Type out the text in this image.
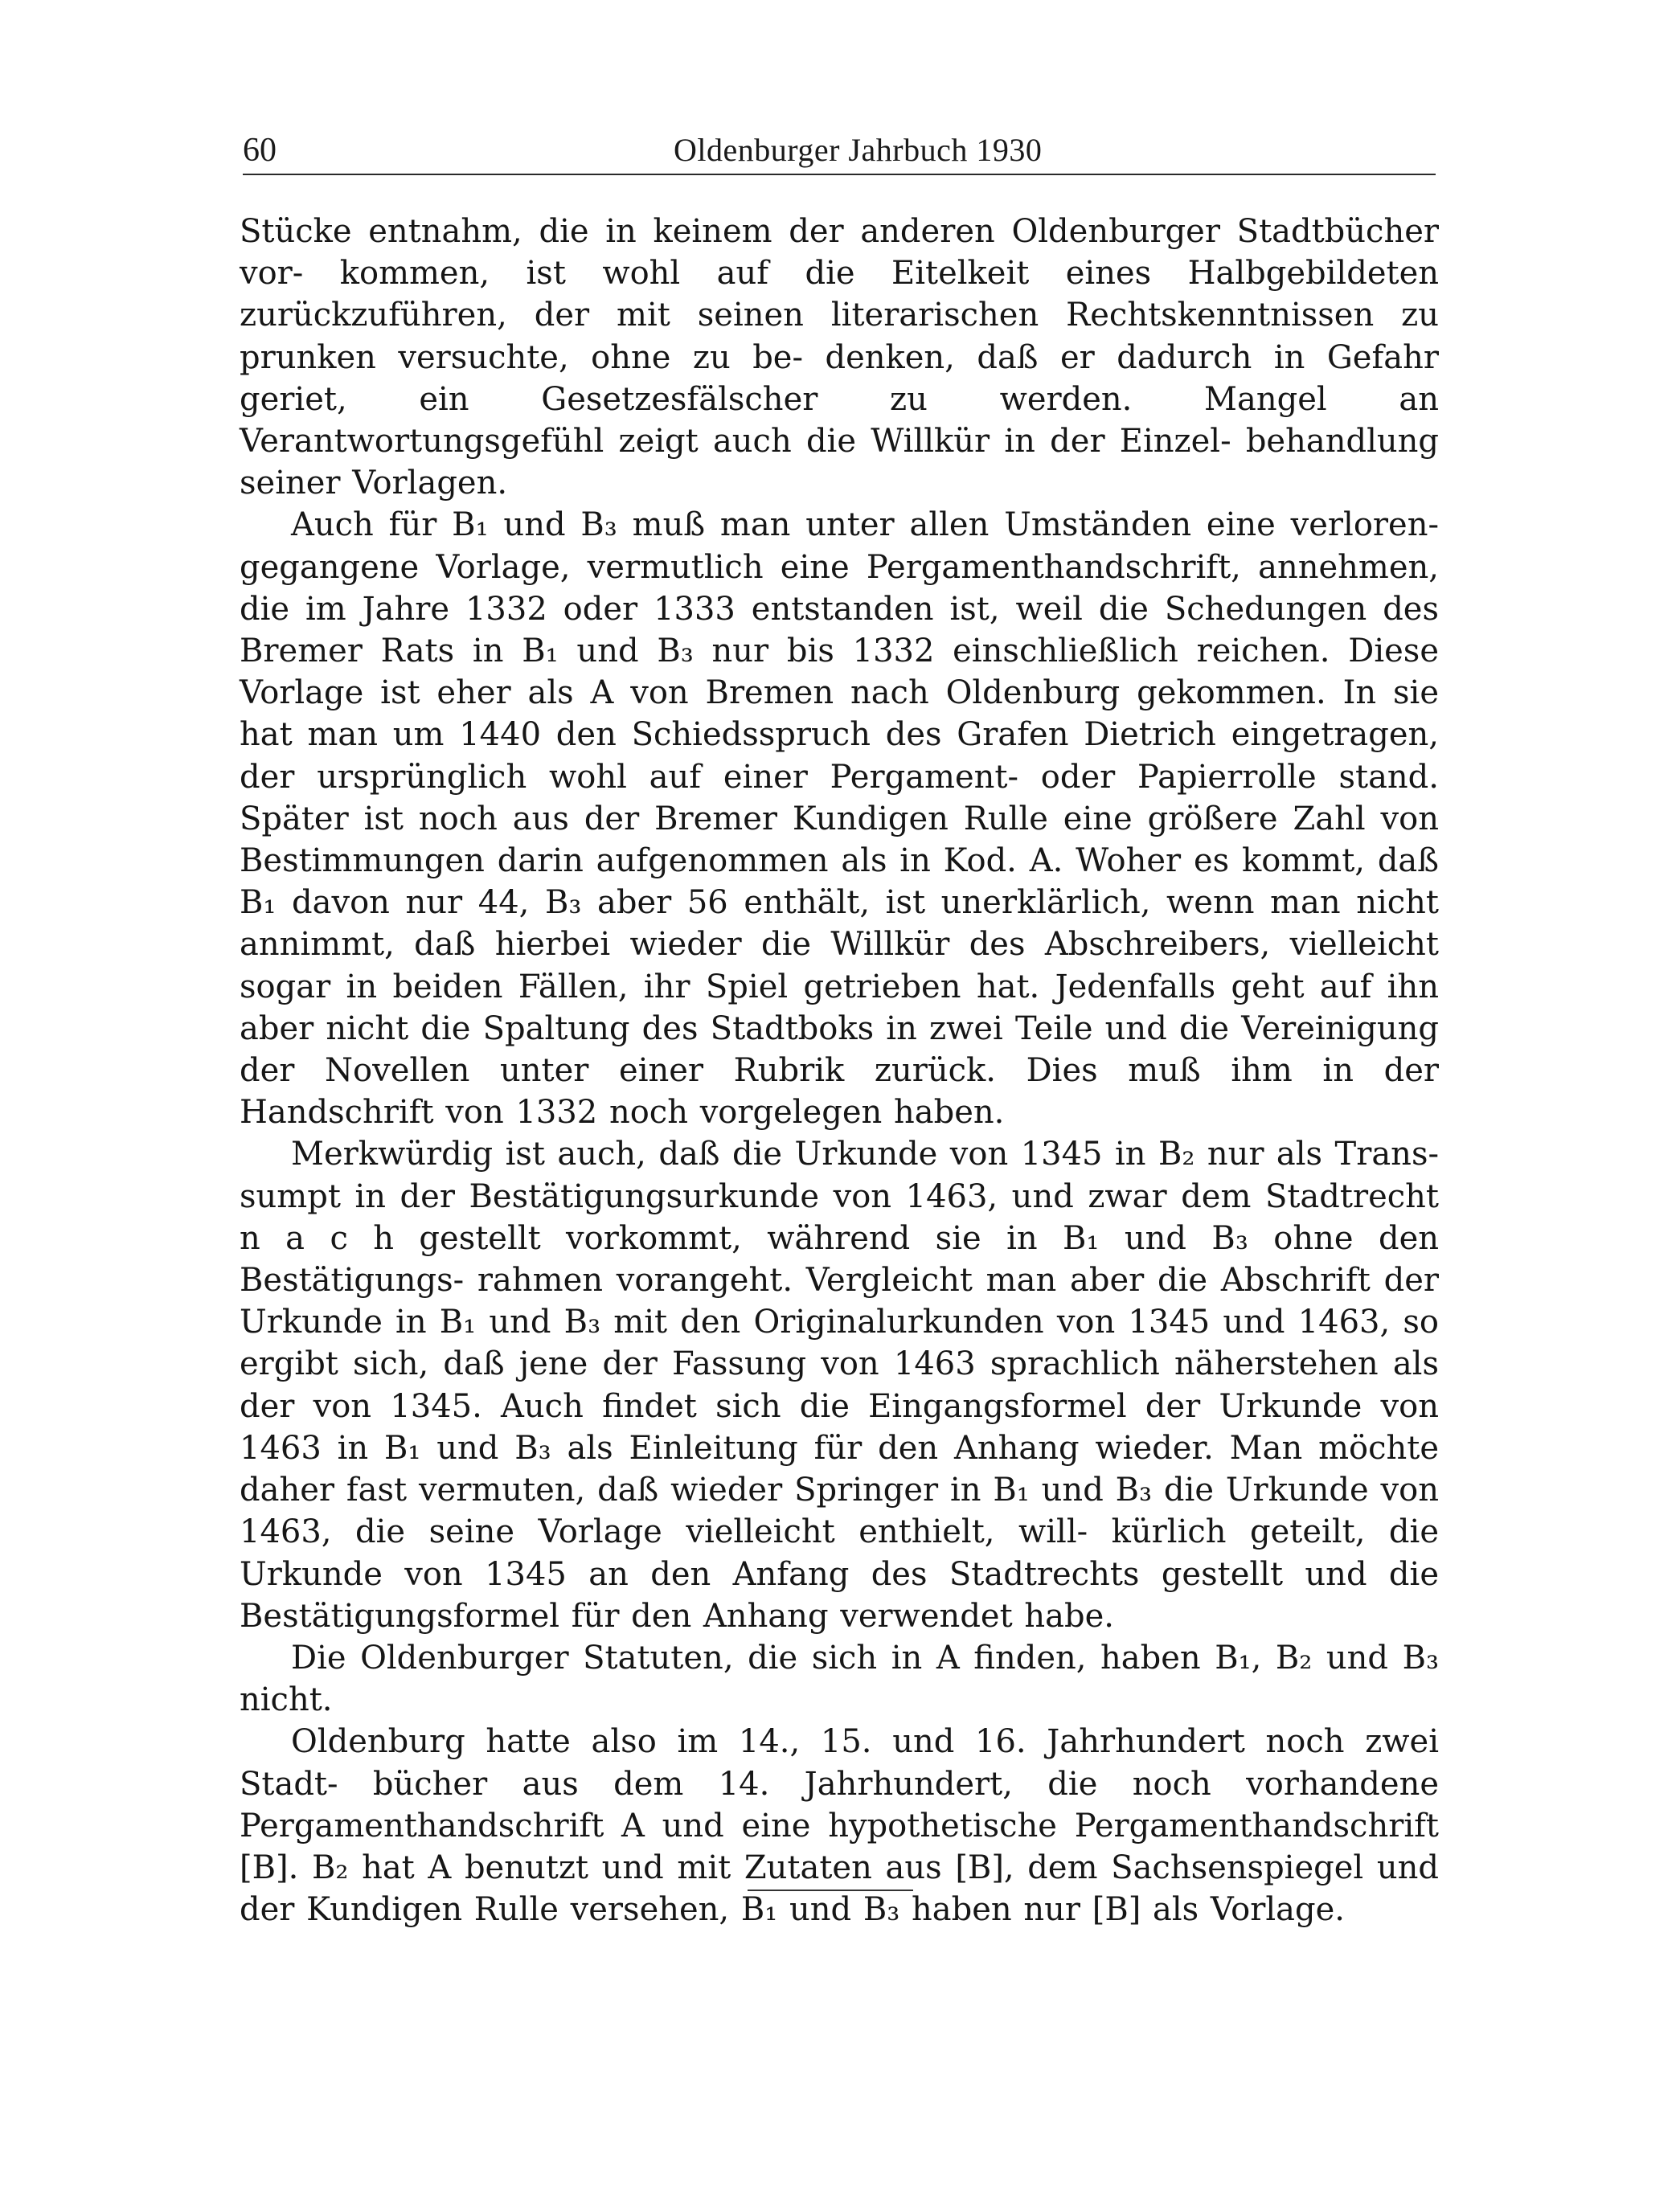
60	Oldenburger Jahrbuch 1930

Stücke entnahm, die in keinem der anderen Oldenburger Stadtbücher vor- kommen, ist wohl auf die Eitelkeit eines Halbgebildeten zurückzuführen, der mit seinen literarischen Rechtskenntnissen zu prunken versuchte, ohne zu be- denken, daß er dadurch in Gefahr geriet, ein Gesetzesfälscher zu werden. Mangel an Verantwortungsgefühl zeigt auch die Willkür in der Einzel- behandlung seiner Vorlagen.

Auch für B₁ und B₃ muß man unter allen Umständen eine verloren- gegangene Vorlage, vermutlich eine Pergamenthandschrift, annehmen, die im Jahre 1332 oder 1333 entstanden ist, weil die Schedungen des Bremer Rats in B₁ und B₃ nur bis 1332 einschließlich reichen. Diese Vorlage ist eher als A von Bremen nach Oldenburg gekommen. In sie hat man um 1440 den Schiedsspruch des Grafen Dietrich eingetragen, der ursprünglich wohl auf einer Pergament- oder Papierrolle stand. Später ist noch aus der Bremer Kundigen Rulle eine größere Zahl von Bestimmungen darin aufgenommen als in Kod. A. Woher es kommt, daß B₁ davon nur 44, B₃ aber 56 enthält, ist unerklärlich, wenn man nicht annimmt, daß hierbei wieder die Willkür des Abschreibers, vielleicht sogar in beiden Fällen, ihr Spiel getrieben hat. Jedenfalls geht auf ihn aber nicht die Spaltung des Stadtboks in zwei Teile und die Vereinigung der Novellen unter einer Rubrik zurück. Dies muß ihm in der Handschrift von 1332 noch vorgelegen haben.

Merkwürdig ist auch, daß die Urkunde von 1345 in B₂ nur als Trans- sumpt in der Bestätigungsurkunde von 1463, und zwar dem Stadtrecht n a c h gestellt vorkommt, während sie in B₁ und B₃ ohne den Bestätigungs- rahmen vorangeht. Vergleicht man aber die Abschrift der Urkunde in B₁ und B₃ mit den Originalurkunden von 1345 und 1463, so ergibt sich, daß jene der Fassung von 1463 sprachlich näherstehen als der von 1345. Auch findet sich die Eingangsformel der Urkunde von 1463 in B₁ und B₃ als Einleitung für den Anhang wieder. Man möchte daher fast vermuten, daß wieder Springer in B₁ und B₃ die Urkunde von 1463, die seine Vorlage vielleicht enthielt, will- kürlich geteilt, die Urkunde von 1345 an den Anfang des Stadtrechts gestellt und die Bestätigungsformel für den Anhang verwendet habe.

Die Oldenburger Statuten, die sich in A finden, haben B₁, B₂ und B₃ nicht.

Oldenburg hatte also im 14., 15. und 16. Jahrhundert noch zwei Stadt- bücher aus dem 14. Jahrhundert, die noch vorhandene Pergamenthandschrift A und eine hypothetische Pergamenthandschrift [B]. B₂ hat A benutzt und mit Zutaten aus [B], dem Sachsenspiegel und der Kundigen Rulle versehen, B₁ und B₃ haben nur [B] als Vorlage.
